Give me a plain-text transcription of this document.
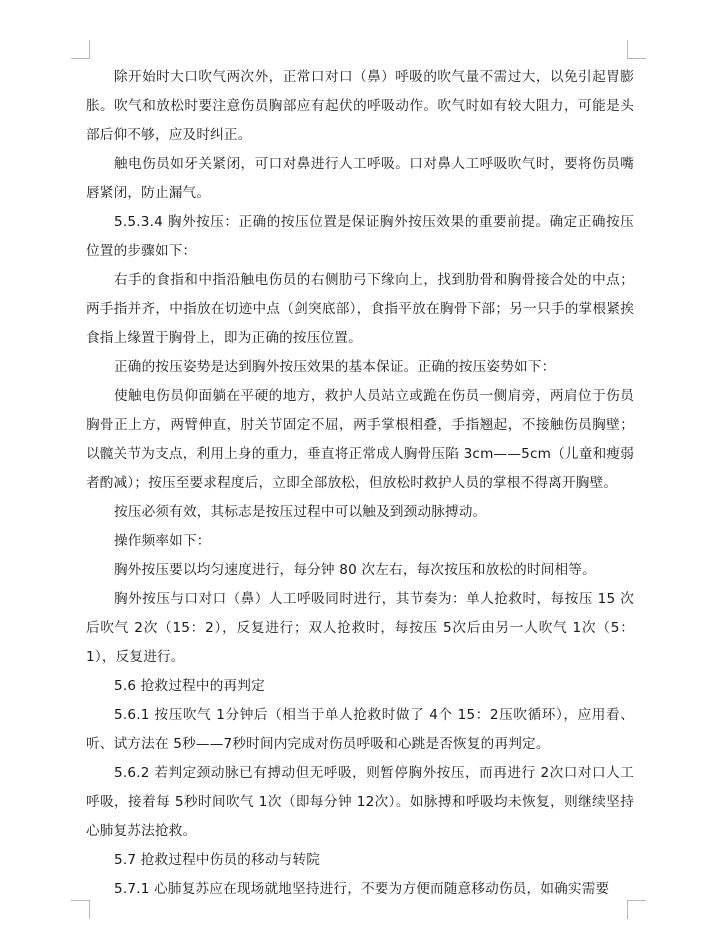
除开始时大口吹气两次外，正常口对口（鼻）呼吸的吹气量不需过大，以免引起胃膨胀。吹气和放松时要注意伤员胸部应有起伏的呼吸动作。吹气时如有较大阻力，可能是头部后仰不够，应及时纠正。

触电伤员如牙关紧闭，可口对鼻进行人工呼吸。口对鼻人工呼吸吹气时，要将伤员嘴唇紧闭，防止漏气。

5.5.3.4 胸外按压：正确的按压位置是保证胸外按压效果的重要前提。确定正确按压位置的步骤如下：

右手的食指和中指沿触电伤员的右侧肋弓下缘向上，找到肋骨和胸骨接合处的中点；两手指并齐，中指放在切迹中点（剑突底部），食指平放在胸骨下部；另一只手的掌根紧挨食指上缘置于胸骨上，即为正确的按压位置。

正确的按压姿势是达到胸外按压效果的基本保证。正确的按压姿势如下：

使触电伤员仰面躺在平硬的地方，救护人员站立或跪在伤员一侧肩旁，两肩位于伤员胸骨正上方，两臂伸直，肘关节固定不屈，两手掌根相叠，手指翘起，不接触伤员胸壁；以髋关节为支点，利用上身的重力，垂直将正常成人胸骨压陷 3cm——5cm（儿童和瘦弱者酌减）；按压至要求程度后，立即全部放松，但放松时救护人员的掌根不得离开胸壁。

按压必须有效，其标志是按压过程中可以触及到颈动脉搏动。

操作频率如下：

胸外按压要以均匀速度进行，每分钟 80 次左右，每次按压和放松的时间相等。

胸外按压与口对口（鼻）人工呼吸同时进行，其节奏为：单人抢救时，每按压 15 次后吹气 2次（15：2），反复进行；双人抢救时，每按压 5次后由另一人吹气 1次（5：1），反复进行。

5.6 抢救过程中的再判定

5.6.1 按压吹气 1分钟后（相当于单人抢救时做了 4个 15：2压吹循环），应用看、听、试方法在 5秒——7秒时间内完成对伤员呼吸和心跳是否恢复的再判定。

5.6.2 若判定颈动脉已有搏动但无呼吸，则暂停胸外按压，而再进行 2次口对口人工呼吸，接着每 5秒时间吹气 1次（即每分钟 12次）。如脉搏和呼吸均未恢复，则继续坚持心肺复苏法抢救。

5.7 抢救过程中伤员的移动与转院

5.7.1 心肺复苏应在现场就地坚持进行，不要为方便而随意移动伤员，如确实需要
